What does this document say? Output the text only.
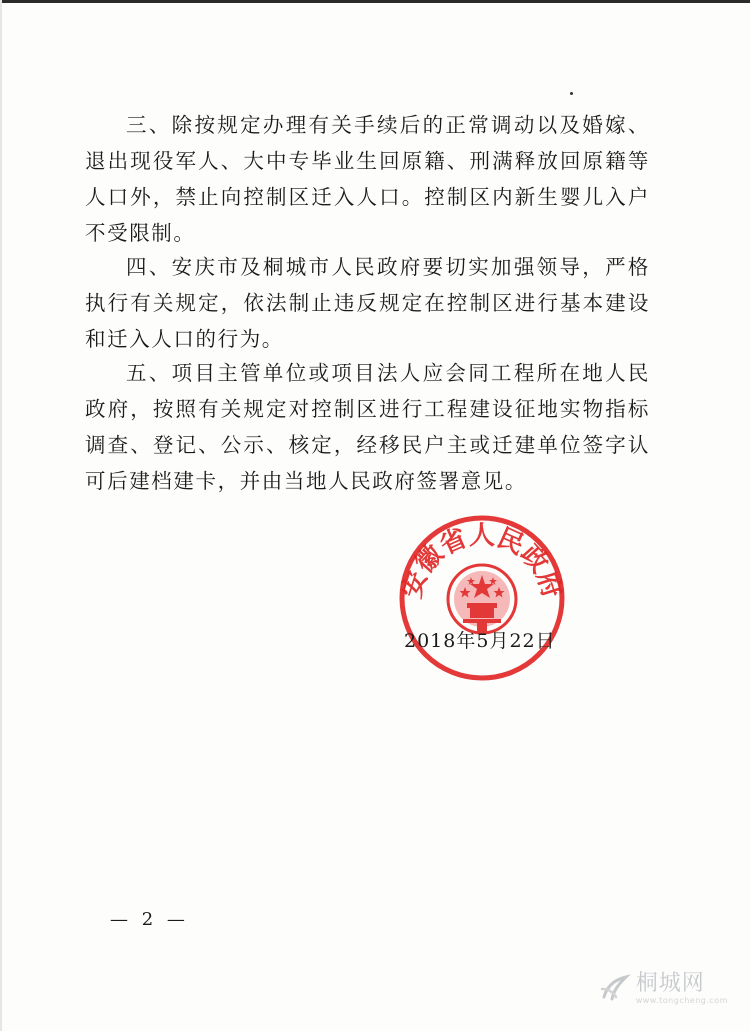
三、除按规定办理有关手续后的正常调动以及婚嫁、退出现役军人、大中专毕业生回原籍、刑满释放回原籍等人口外，禁止向控制区迁入人口。控制区内新生婴儿入户不受限制。

四、安庆市及桐城市人民政府要切实加强领导，严格执行有关规定，依法制止违反规定在控制区进行基本建设和迁入人口的行为。

五、项目主管单位或项目法人应会同工程所在地人民政府，按照有关规定对控制区进行工程建设征地实物指标调查、登记、公示、核定，经移民户主或迁建单位签字认可后建档建卡，并由当地人民政府签署意见。

安徽省人民政府
2018年5月22日
— 2 —
桐城网
www.tongcheng.com
